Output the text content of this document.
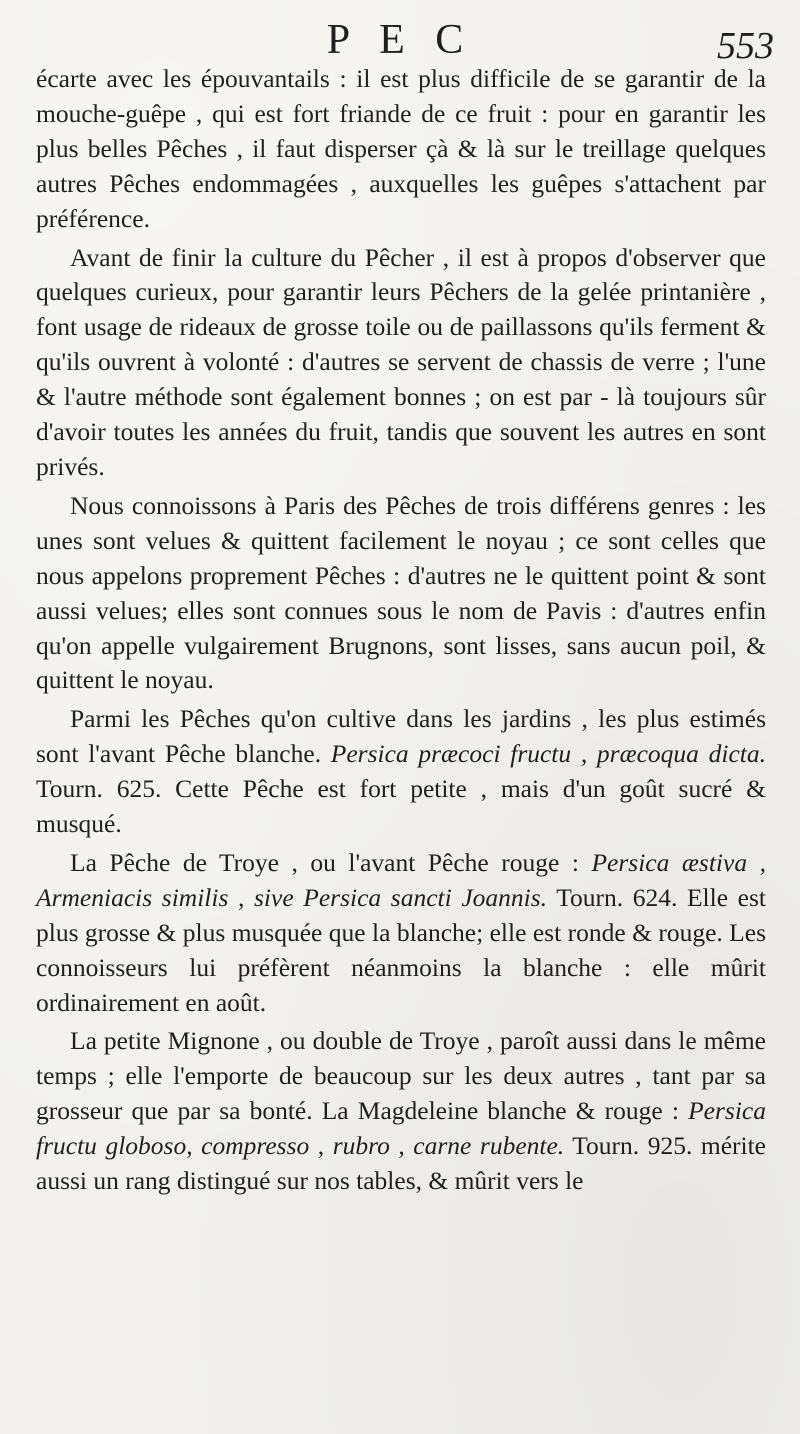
P E C	553

écarte avec les épouvantails : il est plus difficile de se garantir de la mouche-guêpe , qui est fort friande de ce fruit : pour en garantir les plus belles Pêches , il faut disperser çà & là sur le treillage quelques autres Pêches endommagées , auxquelles les guêpes s'attachent par préférence.

Avant de finir la culture du Pêcher , il est à propos d'observer que quelques curieux, pour garantir leurs Pêchers de la gelée printanière , font usage de rideaux de grosse toile ou de paillassons qu'ils ferment & qu'ils ouvrent à volonté : d'autres se servent de chassis de verre ; l'une & l'autre méthode sont également bonnes ; on est par - là toujours sûr d'avoir toutes les années du fruit, tandis que souvent les autres en sont privés.

Nous connoissons à Paris des Pêches de trois différens genres : les unes sont velues & quittent facilement le noyau ; ce sont celles que nous appelons proprement Pêches : d'autres ne le quittent point & sont aussi velues; elles sont connues sous le nom de Pavis : d'autres enfin qu'on appelle vulgairement Brugnons, sont lisses, sans aucun poil, & quittent le noyau.

Parmi les Pêches qu'on cultive dans les jardins , les plus estimés sont l'avant Pêche blanche. Persica præcoci fructu , præcoqua dicta. Tourn. 625. Cette Pêche est fort petite , mais d'un goût sucré & musqué.

La Pêche de Troye , ou l'avant Pêche rouge : Persica æstiva , Armeniacis similis , sive Persica sancti Joannis. Tourn. 624. Elle est plus grosse & plus musquée que la blanche; elle est ronde & rouge. Les connoisseurs lui préfèrent néanmoins la blanche : elle mûrit ordinairement en août.

La petite Mignone , ou double de Troye , paroît aussi dans le même temps ; elle l'emporte de beaucoup sur les deux autres , tant par sa grosseur que par sa bonté. La Magdeleine blanche & rouge : Persica fructu globoso, compresso , rubro , carne rubente. Tourn. 925. mérite aussi un rang distingué sur nos tables, & mûrit vers le
